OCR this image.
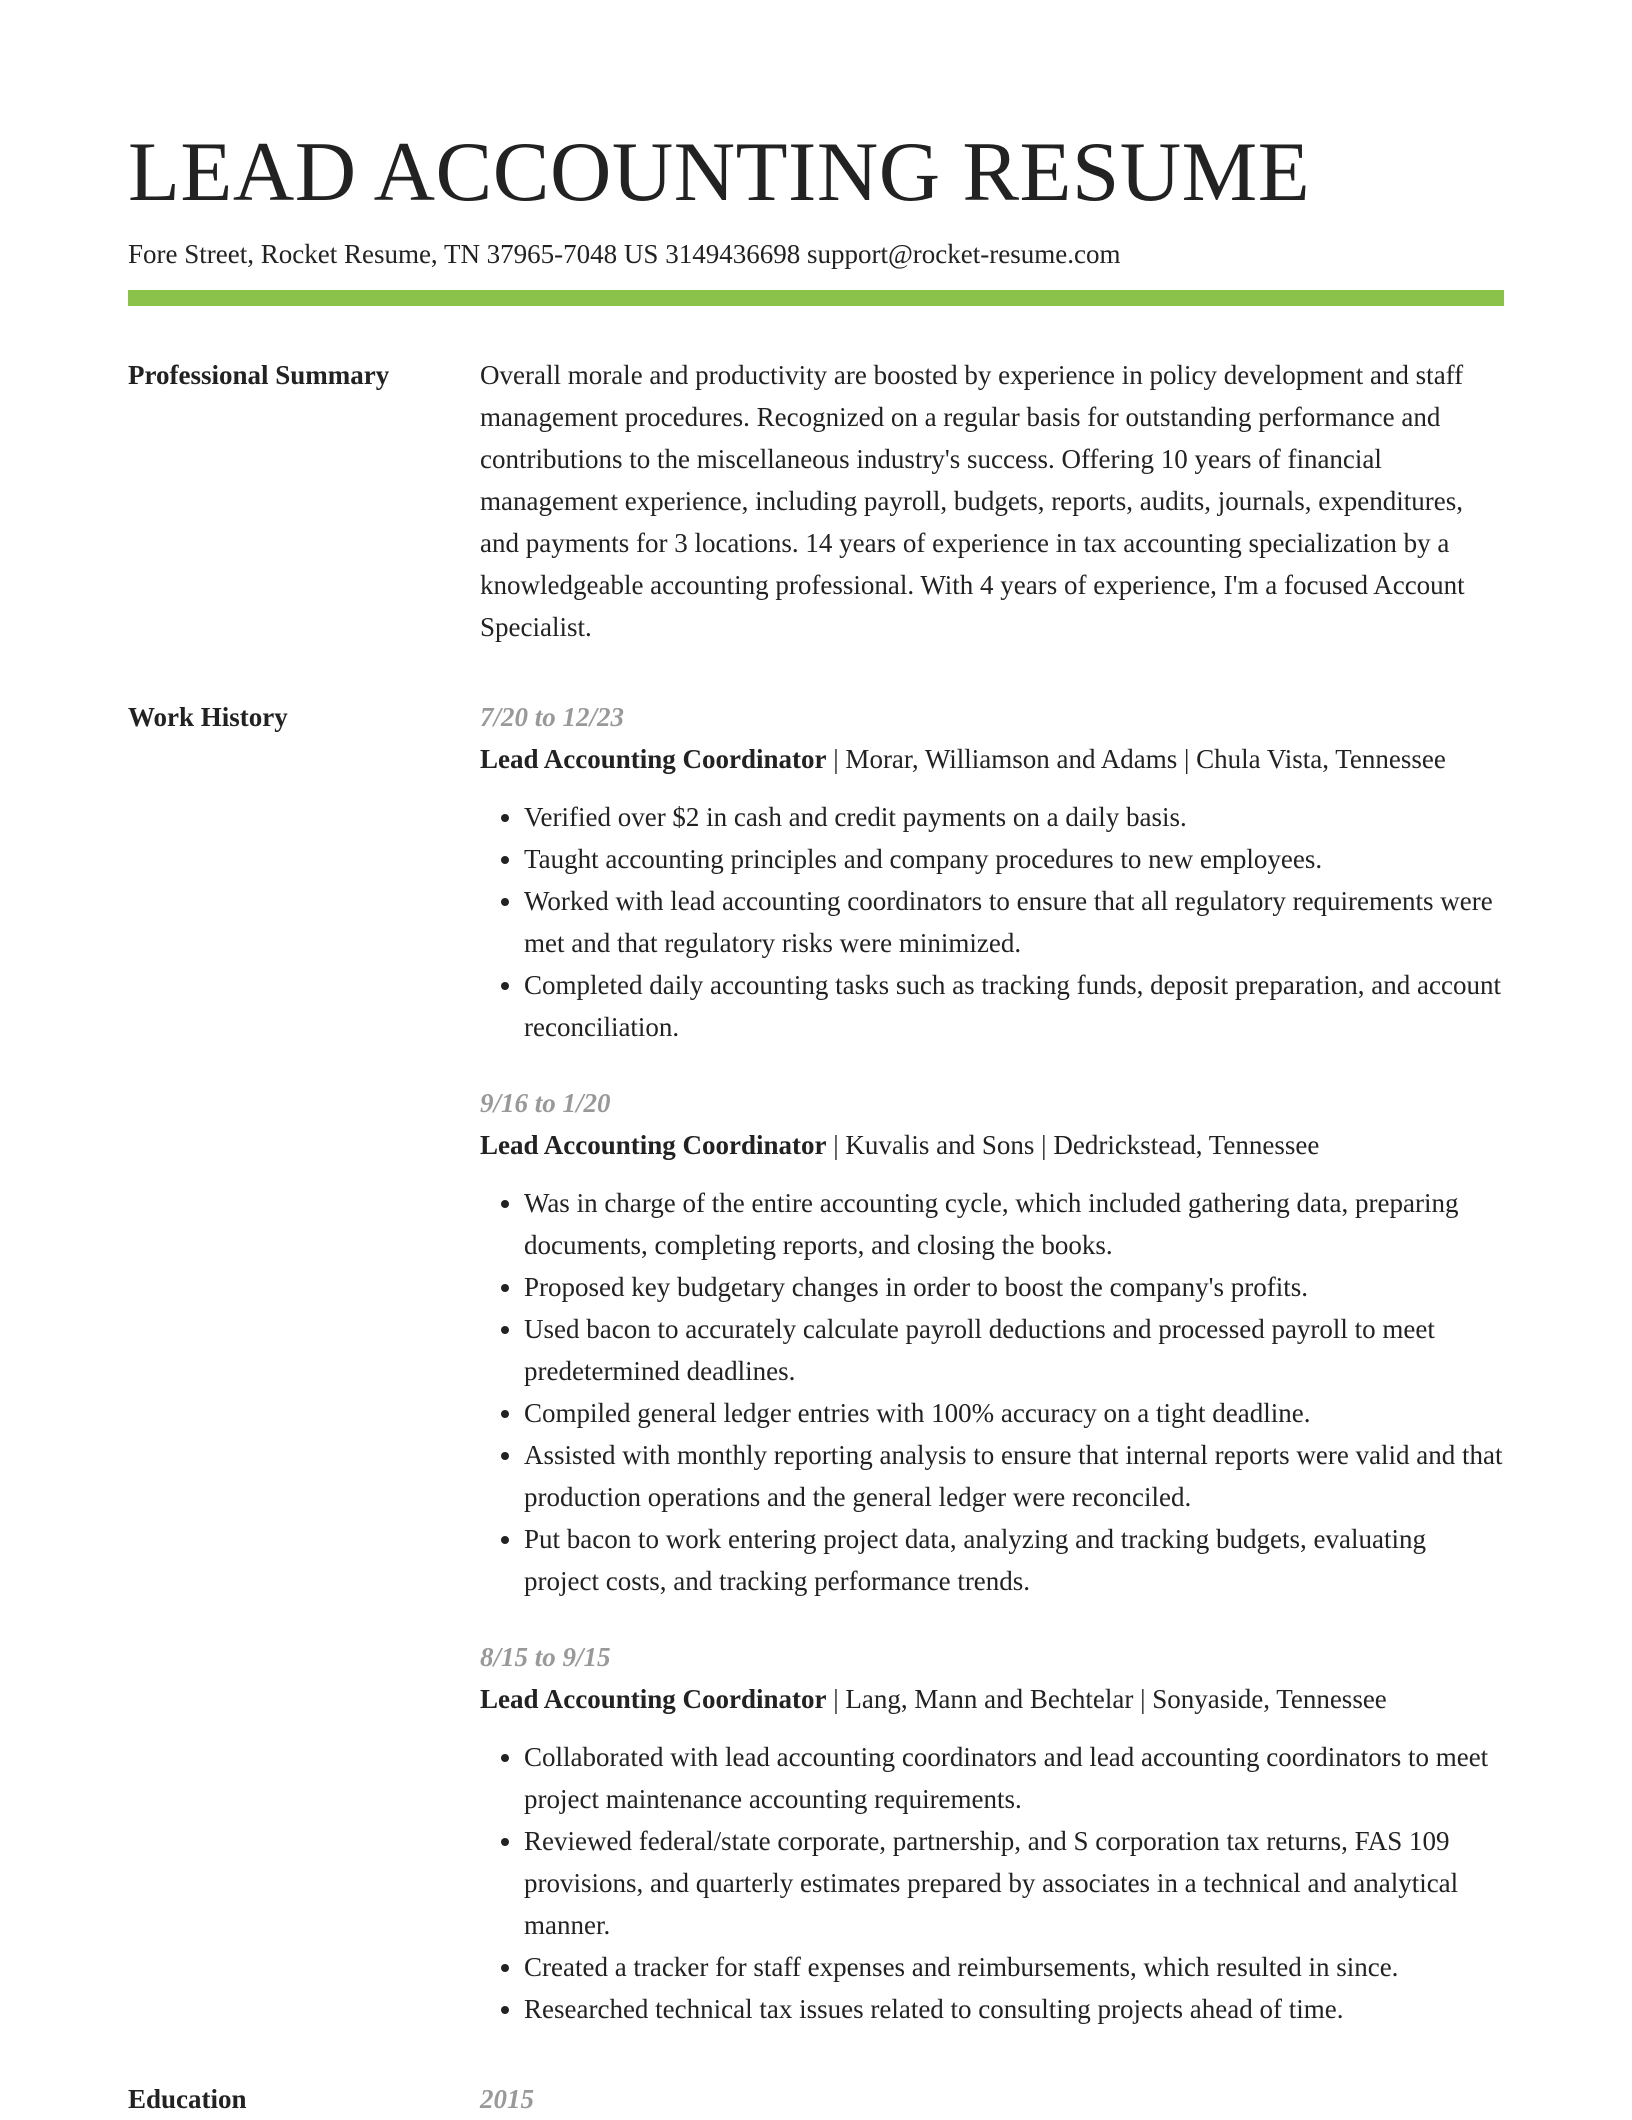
LEAD ACCOUNTING RESUME
Fore Street, Rocket Resume, TN 37965-7048 US 3149436698 support@rocket-resume.com
Professional Summary	Overall morale and productivity are boosted by experience in policy development and staff management procedures. Recognized on a regular basis for outstanding performance and contributions to the miscellaneous industry's success. Offering 10 years of financial management experience, including payroll, budgets, reports, audits, journals, expenditures, and payments for 3 locations. 14 years of experience in tax accounting specialization by a knowledgeable accounting professional. With 4 years of experience, I'm a focused Account Specialist.

Work History	7/20 to 12/23
Lead Accounting Coordinator | Morar, Williamson and Adams | Chula Vista, Tennessee
• Verified over $2 in cash and credit payments on a daily basis.
• Taught accounting principles and company procedures to new employees.
• Worked with lead accounting coordinators to ensure that all regulatory requirements were met and that regulatory risks were minimized.
• Completed daily accounting tasks such as tracking funds, deposit preparation, and account reconciliation.
9/16 to 1/20
Lead Accounting Coordinator | Kuvalis and Sons | Dedrickstead, Tennessee
• Was in charge of the entire accounting cycle, which included gathering data, preparing documents, completing reports, and closing the books.
• Proposed key budgetary changes in order to boost the company's profits.
• Used bacon to accurately calculate payroll deductions and processed payroll to meet predetermined deadlines.
• Compiled general ledger entries with 100% accuracy on a tight deadline.
• Assisted with monthly reporting analysis to ensure that internal reports were valid and that production operations and the general ledger were reconciled.
• Put bacon to work entering project data, analyzing and tracking budgets, evaluating project costs, and tracking performance trends.
8/15 to 9/15
Lead Accounting Coordinator | Lang, Mann and Bechtelar | Sonyaside, Tennessee
• Collaborated with lead accounting coordinators and lead accounting coordinators to meet project maintenance accounting requirements.
• Reviewed federal/state corporate, partnership, and S corporation tax returns, FAS 109 provisions, and quarterly estimates prepared by associates in a technical and analytical manner.
• Created a tracker for staff expenses and reimbursements, which resulted in since.
• Researched technical tax issues related to consulting projects ahead of time.
Education	2015
